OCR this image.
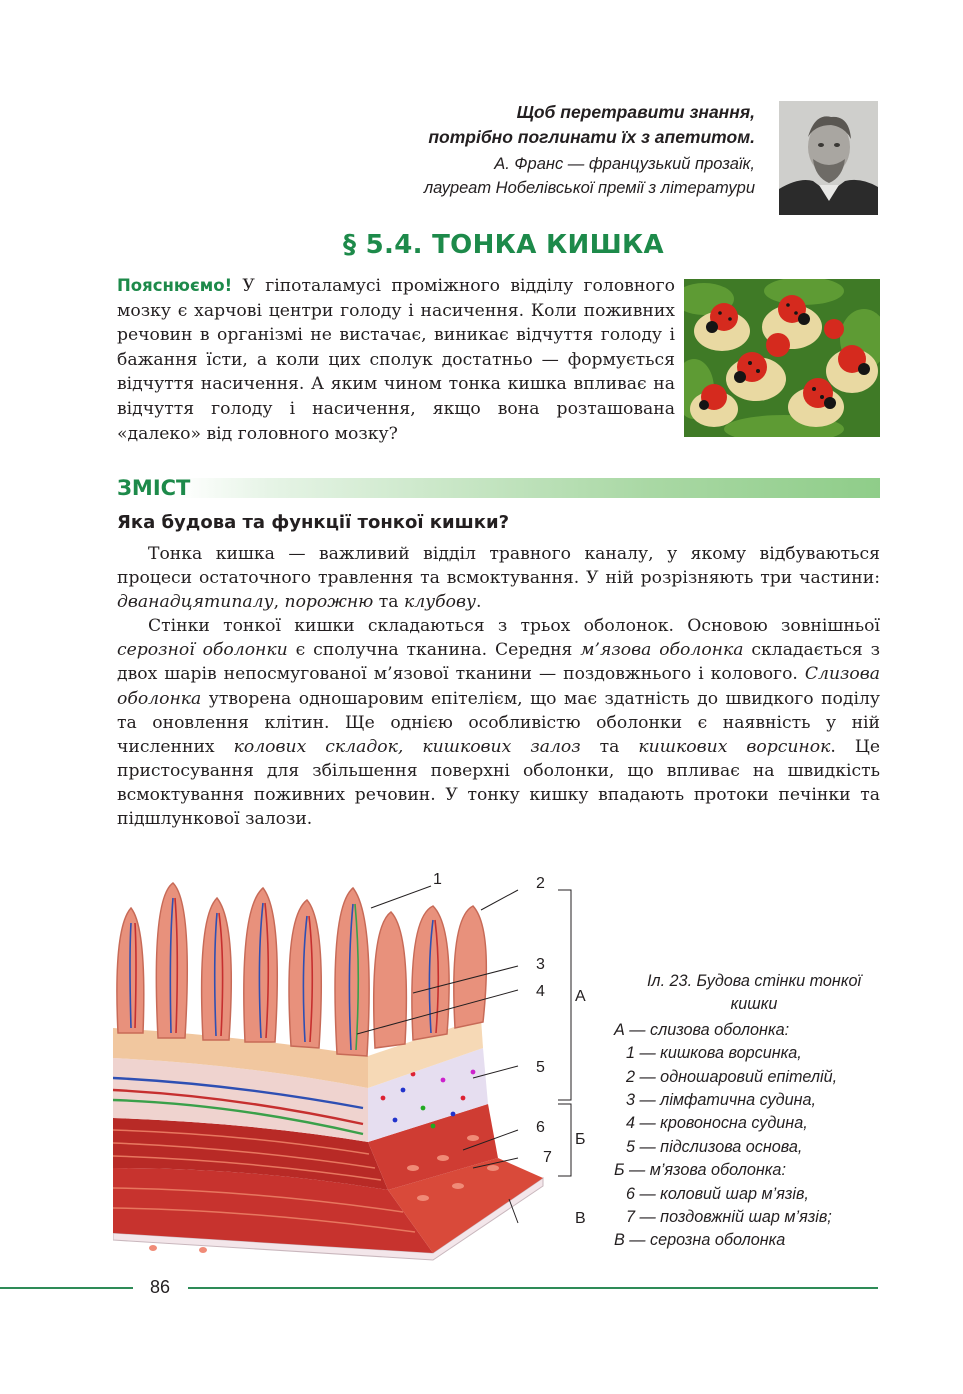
Щоб перетравити знання,
потрібно поглинати їх з апетитом.
А. Франс — французький прозаїк,
лауреат Нобелівської премії з літератури
§ 5.4. ТОНКА КИШКА
Пояснюємо! У гіпоталамусі проміжного відділу головного мозку є харчові центри голоду і насичення. Коли поживних речовин в організмі не вистачає, виникає відчуття голоду і бажання їсти, а коли цих сполук достатньо — формується відчуття насичення. А яким чином тонка кишка впливає на відчуття голоду і насичення, якщо вона розташована «далеко» від головного мозку?
ЗМІСТ
Яка будова та функції тонкої кишки?

Тонка кишка — важливий відділ травного каналу, у якому відбуваються процеси остаточного травлення та всмоктування. У ній розрізняють три частини: дванадцятипалу, порожню та клубову.

Стінки тонкої кишки складаються з трьох оболонок. Основою зовнішньої серозної оболонки є сполучна тканина. Середня м’язова оболонка складається з двох шарів непосмугованої м’язової тканини — поздовжнього і колового. Слизова оболонка утворена одношаровим епітелієм, що має здатність до швидкого поділу та оновлення клітин. Ще однією особливістю оболонки є наявність у ній численних колових складок, кишкових залоз та кишкових ворсинок. Це пристосування для збільшення поверхні оболонки, що впливає на швидкість всмоктування поживних речовин. У тонку кишку впадають протоки печінки та підшлункової залози.

1	2
3
4
5
6
7
А
Б
В
Іл. 23. Будова стінки тонкої
кишки
А — слизова оболонка:
1 — кишкова ворсинка,
2 — одношаровий епітелій,
3 — лімфатична судина,
4 — кровоносна судина,
5 — підслизова основа,
Б — м’язова оболонка:
6 — коловий шар м’язів,
7 — поздовжній шар м’язів;
В — серозна оболонка
86
